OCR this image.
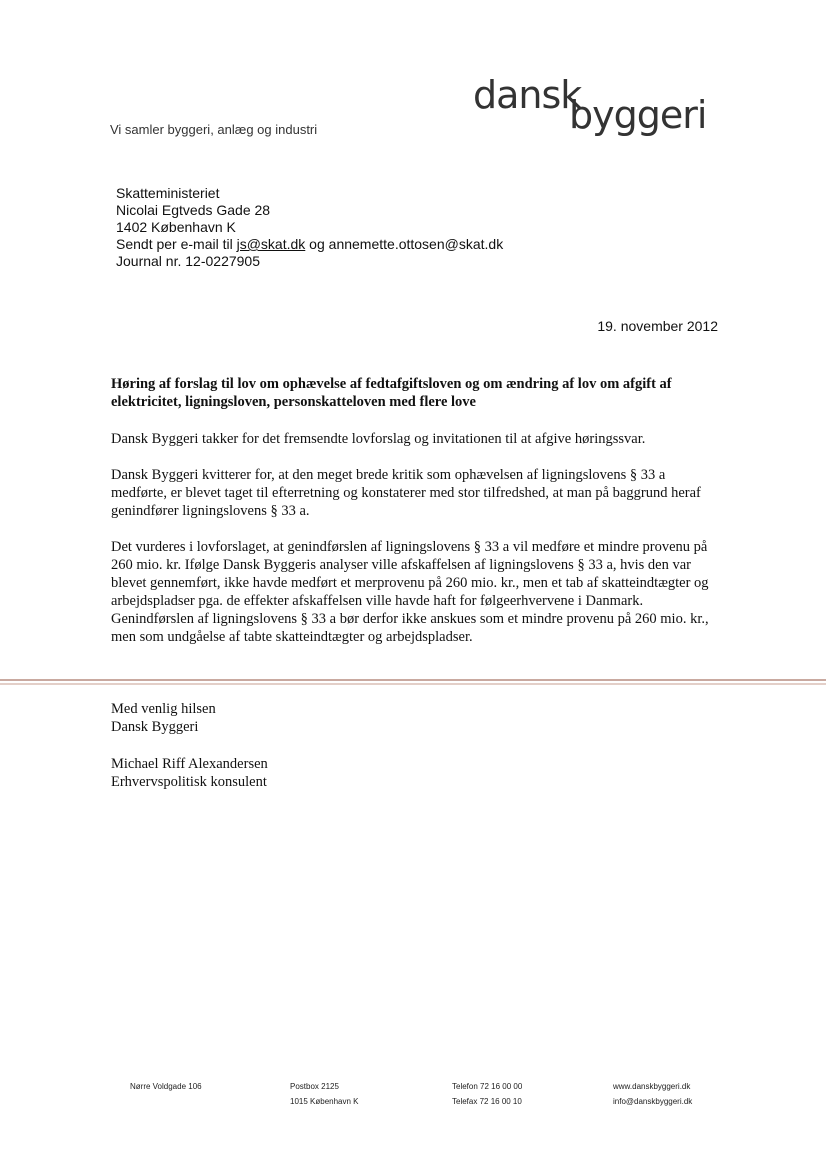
dansk
byggeri
Vi samler byggeri, anlæg og industri
Skatteministeriet
Nicolai Egtveds Gade 28
1402 København K
Sendt per e-mail til js@skat.dk og annemette.ottosen@skat.dk
Journal nr. 12-0227905
19. november 2012
Høring af forslag til lov om ophævelse af fedtafgiftsloven og om ændring af lov om afgift af elektricitet, ligningsloven, personskatteloven med flere love
Dansk Byggeri takker for det fremsendte lovforslag og invitationen til at afgive høringssvar.
Dansk Byggeri kvitterer for, at den meget brede kritik som ophævelsen af ligningslovens § 33 a medførte, er blevet taget til efterretning og konstaterer med stor tilfredshed, at man på baggrund heraf genindfører ligningslovens § 33 a.
Det vurderes i lovforslaget, at genindførslen af ligningslovens § 33 a vil medføre et mindre provenu på 260 mio. kr. Ifølge Dansk Byggeris analyser ville afskaffelsen af ligningslovens § 33 a, hvis den var blevet gennemført, ikke havde medført et merprovenu på 260 mio. kr., men et tab af skatteindtægter og arbejdspladser pga. de effekter afskaffelsen ville havde haft for følgeerhvervene i Danmark. Genindførslen af ligningslovens § 33 a bør derfor ikke anskues som et mindre provenu på 260 mio. kr., men som undgåelse af tabte skatteindtægter og arbejdspladser.
Med venlig hilsen
Dansk Byggeri
Michael Riff Alexandersen
Erhvervspolitisk konsulent
Nørre Voldgade 106	Postbox 2125
1015 København K
Telefon 72 16 00 00
Telefax 72 16 00 10
www.danskbyggeri.dk
info@danskbyggeri.dk
